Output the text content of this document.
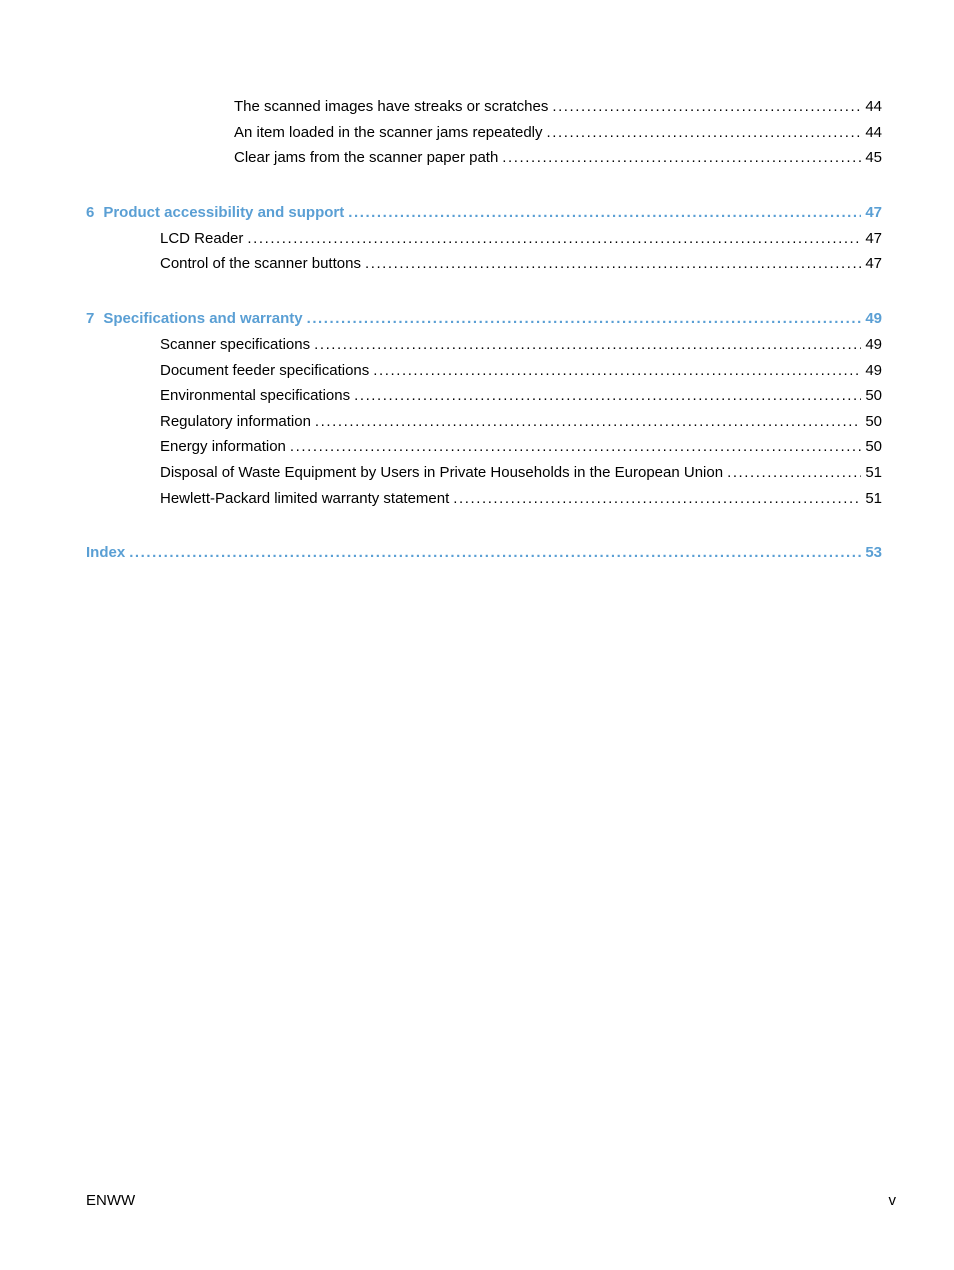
The scanned images have streaks or scratches . . .	44
An item loaded in the scanner jams repeatedly . . .	44
Clear jams from the scanner paper path . . .	45
6 Product accessibility and support . . .	47
LCD Reader . . .	47
Control of the scanner buttons . . .	47
7 Specifications and warranty . . .	49
Scanner specifications . . .	49
Document feeder specifications . . .	49
Environmental specifications . . .	50
Regulatory information . . .	50
Energy information . . .	50
Disposal of Waste Equipment by Users in Private Households in the European Union . . .	51
Hewlett-Packard limited warranty statement . . .	51
Index . . .	53
ENWW	v
